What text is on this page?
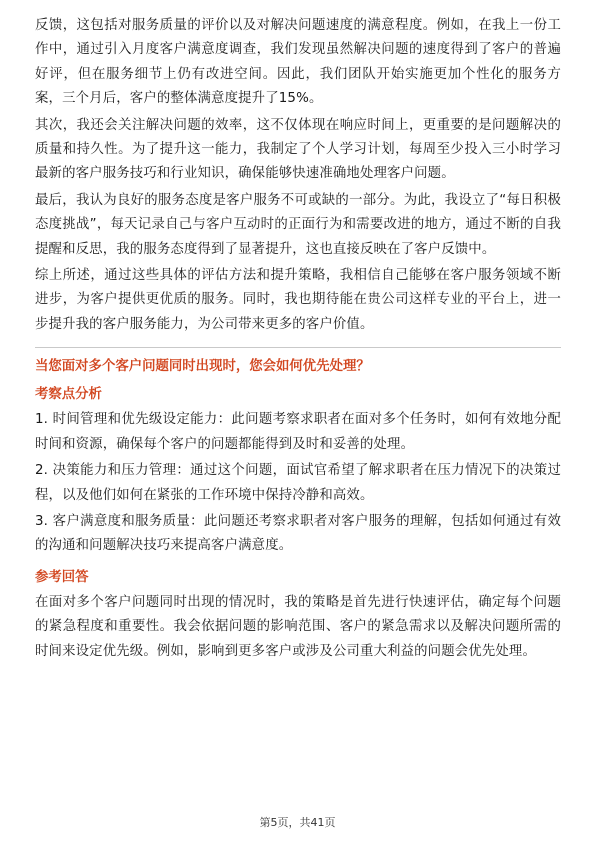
反馈，这包括对服务质量的评价以及对解决问题速度的满意程度。例如，在我上一份工作中，通过引入月度客户满意度调查，我们发现虽然解决问题的速度得到了客户的普遍好评，但在服务细节上仍有改进空间。因此，我们团队开始实施更加个性化的服务方案，三个月后，客户的整体满意度提升了15%。

其次，我还会关注解决问题的效率，这不仅体现在响应时间上，更重要的是问题解决的质量和持久性。为了提升这一能力，我制定了个人学习计划，每周至少投入三小时学习最新的客户服务技巧和行业知识，确保能够快速准确地处理客户问题。

最后，我认为良好的服务态度是客户服务不可或缺的一部分。为此，我设立了“每日积极态度挑战”，每天记录自己与客户互动时的正面行为和需要改进的地方，通过不断的自我提醒和反思，我的服务态度得到了显著提升，这也直接反映在了客户反馈中。

综上所述，通过这些具体的评估方法和提升策略，我相信自己能够在客户服务领域不断进步，为客户提供更优质的服务。同时，我也期待能在贵公司这样专业的平台上，进一步提升我的客户服务能力，为公司带来更多的客户价值。

当您面对多个客户问题同时出现时，您会如何优先处理？

考察点分析

1. 时间管理和优先级设定能力：此问题考察求职者在面对多个任务时，如何有效地分配时间和资源，确保每个客户的问题都能得到及时和妥善的处理。

2. 决策能力和压力管理：通过这个问题，面试官希望了解求职者在压力情况下的决策过程，以及他们如何在紧张的工作环境中保持冷静和高效。

3. 客户满意度和服务质量：此问题还考察求职者对客户服务的理解，包括如何通过有效的沟通和问题解决技巧来提高客户满意度。

参考回答

在面对多个客户问题同时出现的情况时，我的策略是首先进行快速评估，确定每个问题的紧急程度和重要性。我会依据问题的影响范围、客户的紧急需求以及解决问题所需的时间来设定优先级。例如，影响到更多客户或涉及公司重大利益的问题会优先处理。

第5页，共41页
